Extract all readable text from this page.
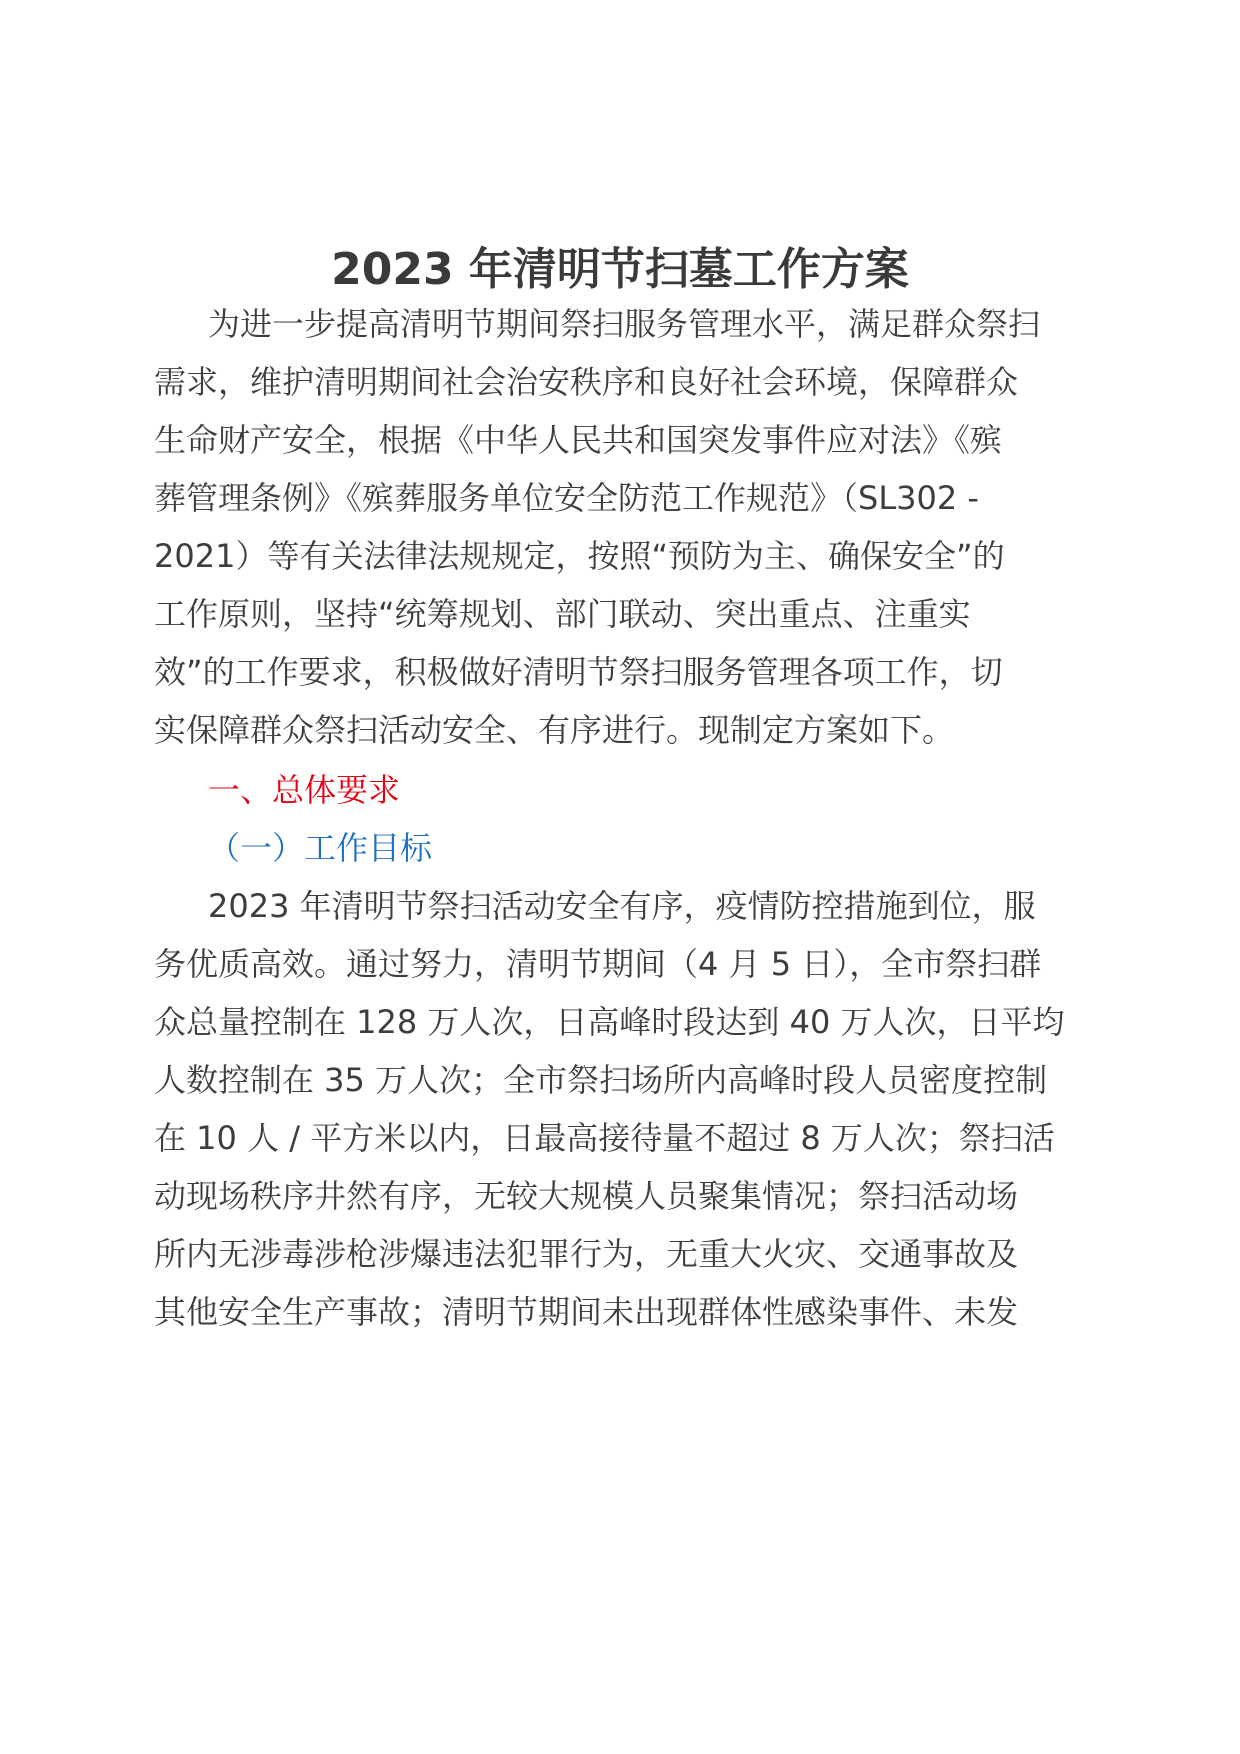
2023 年清明节扫墓工作方案
为进一步提高清明节期间祭扫服务管理水平，满足群众祭扫
需求，维护清明期间社会治安秩序和良好社会环境，保障群众
生命财产安全，根据《中华人民共和国突发事件应对法》《殡
葬管理条例》《殡葬服务单位安全防范工作规范》（SL302 -
2021）等有关法律法规规定，按照“预防为主、确保安全”的
工作原则，坚持“统筹规划、部门联动、突出重点、注重实
效”的工作要求，积极做好清明节祭扫服务管理各项工作，切
实保障群众祭扫活动安全、有序进行。现制定方案如下。
一、总体要求
（一）工作目标
2023 年清明节祭扫活动安全有序，疫情防控措施到位，服
务优质高效。通过努力，清明节期间（4 月 5 日），全市祭扫群
众总量控制在 128 万人次，日高峰时段达到 40 万人次，日平均
人数控制在 35 万人次；全市祭扫场所内高峰时段人员密度控制
在 10 人 / 平方米以内，日最高接待量不超过 8 万人次；祭扫活
动现场秩序井然有序，无较大规模人员聚集情况；祭扫活动场
所内无涉毒涉枪涉爆违法犯罪行为，无重大火灾、交通事故及
其他安全生产事故；清明节期间未出现群体性感染事件、未发
